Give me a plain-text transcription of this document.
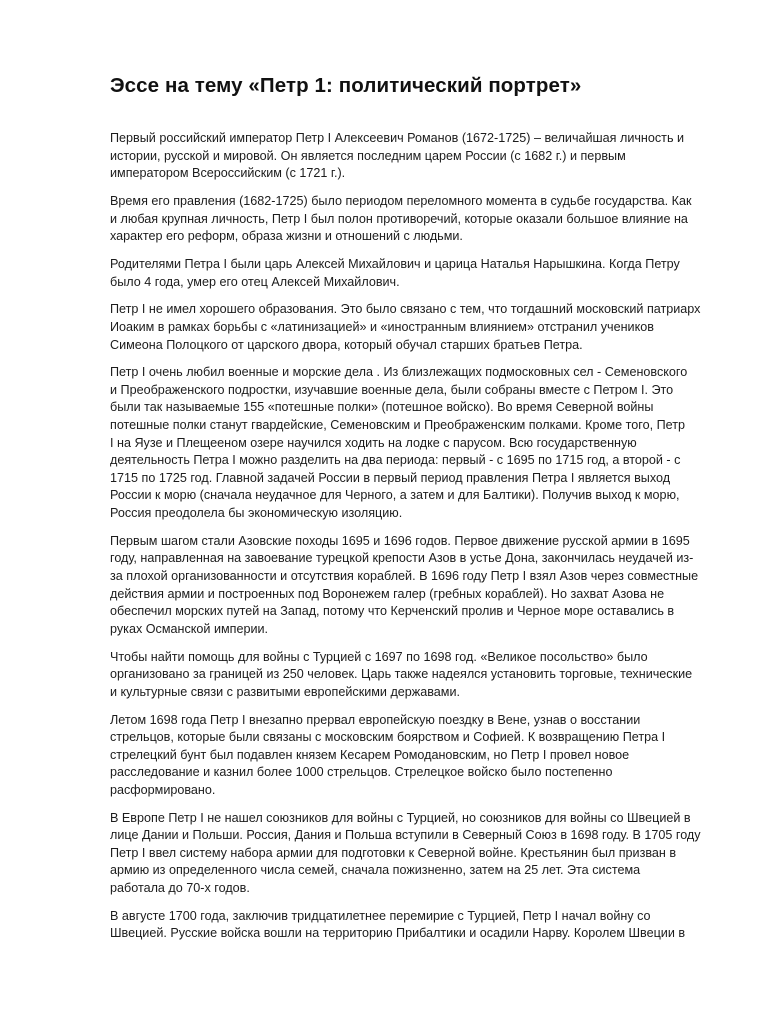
Эссе на тему «Петр 1: политический портрет»

Первый российский император Петр I Алексеевич Романов (1672-1725) – величайшая личность и
истории, русской и мировой. Он является последним царем России (с 1682 г.) и первым
императором Всероссийским (с 1721 г.).

Время его правления (1682-1725) было периодом переломного момента в судьбе государства. Как
и любая крупная личность, Петр I был полон противоречий, которые оказали большое влияние на
характер его реформ, образа жизни и отношений с людьми.

Родителями Петра I были царь Алексей Михайлович и царица Наталья Нарышкина. Когда Петру
было 4 года, умер его отец Алексей Михайлович.

Петр I не имел хорошего образования. Это было связано с тем, что тогдашний московский патриарх
Иоаким в рамках борьбы с «латинизацией» и «иностранным влиянием» отстранил учеников
Симеона Полоцкого от царского двора, который обучал старших братьев Петра.

Петр I очень любил военные и морские дела . Из близлежащих подмосковных сел - Семеновского
и Преображенского подростки, изучавшие военные дела, были собраны вместе с Петром I. Это
были так называемые 155 «потешные полки» (потешное войско). Во время Северной войны
потешные полки станут гвардейские, Семеновским и Преображенским полками. Кроме того, Петр
I на Яузе и Плещееном озере научился ходить на лодке с парусом. Всю государственную
деятельность Петра I можно разделить на два периода: первый - с 1695 по 1715 год, а второй - с
1715 по 1725 год. Главной задачей России в первый период правления Петра I является выход
России к морю (сначала неудачное для Черного, а затем и для Балтики). Получив выход к морю,
Россия преодолела бы экономическую изоляцию.

Первым шагом стали Азовские походы 1695 и 1696 годов. Первое движение русской армии в 1695
году, направленная на завоевание турецкой крепости Азов в устье Дона, закончилась неудачей из-
за плохой организованности и отсутствия кораблей. В 1696 году Петр I взял Азов через совместные
действия армии и построенных под Воронежем галер (гребных кораблей). Но захват Азова не
обеспечил морских путей на Запад, потому что Керченский пролив и Черное море оставались в
руках Османской империи.

Чтобы найти помощь для войны с Турцией с 1697 по 1698 год. «Великое посольство» было
организовано за границей из 250 человек. Царь также надеялся установить торговые, технические
и культурные связи с развитыми европейскими державами.

Летом 1698 года Петр I внезапно прервал европейскую поездку в Вене, узнав о восстании
стрельцов, которые были связаны с московским боярством и Софией. К возвращению Петра I
стрелецкий бунт был подавлен князем Кесарем Ромодановским, но Петр I провел новое
расследование и казнил более 1000 стрельцов. Стрелецкое войско было постепенно
расформировано.

В Европе Петр I не нашел союзников для войны с Турцией, но союзников для войны со Швецией в
лице Дании и Польши. Россия, Дания и Польша вступили в Северный Союз в 1698 году. В 1705 году
Петр I ввел систему набора армии для подготовки к Северной войне. Крестьянин был призван в
армию из определенного числа семей, сначала пожизненно, затем на 25 лет. Эта система
работала до 70-х годов.

В августе 1700 года, заключив тридцатилетнее перемирие с Турцией, Петр I начал войну со
Швецией. Русские войска вошли на территорию Прибалтики и осадили Нарву. Королем Швеции в
